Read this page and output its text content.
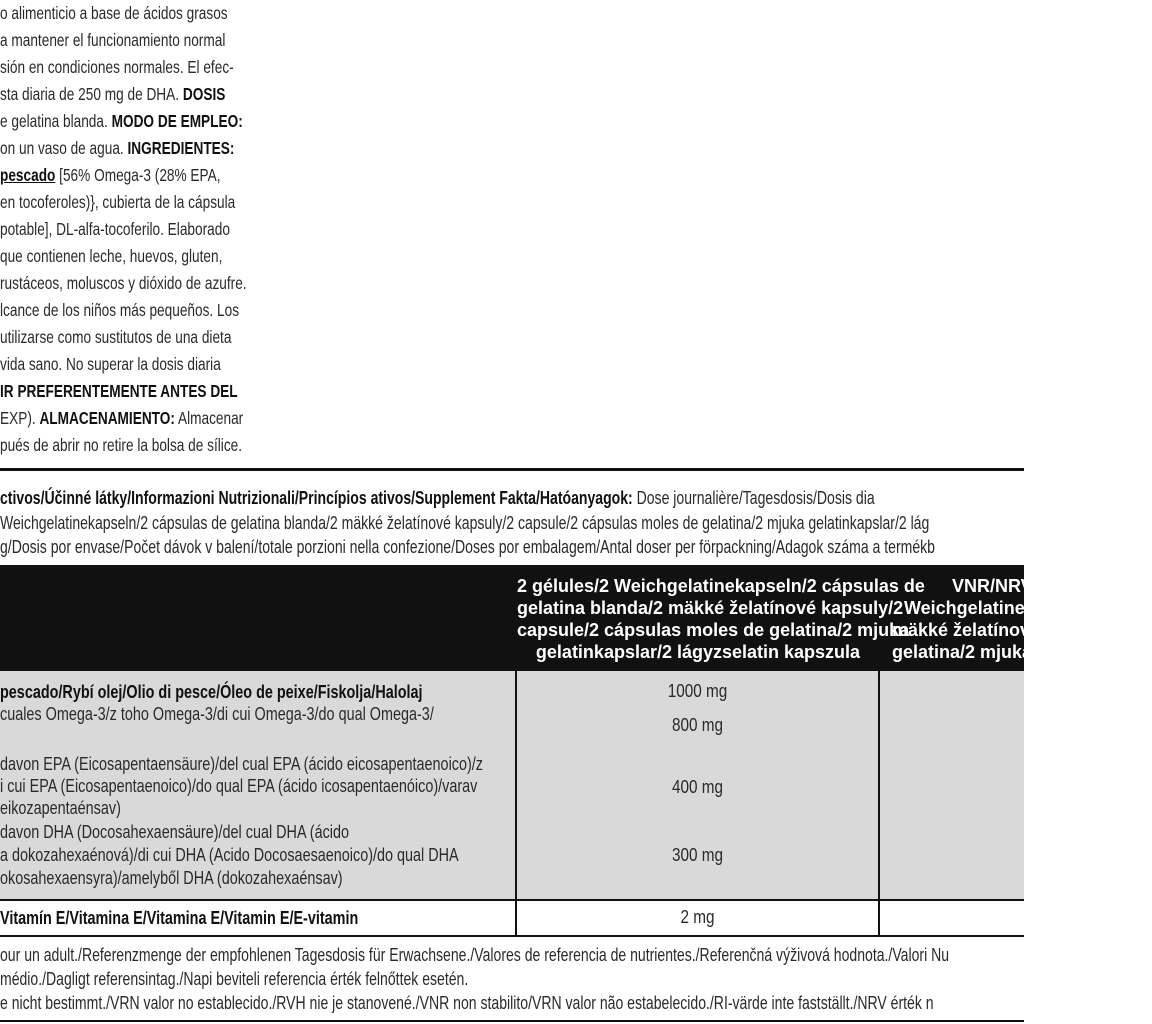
o alimenticio a base de ácidos grasos
a mantener el funcionamiento normal
sión en condiciones normales. El efec-
sta diaria de 250 mg de DHA. DOSIS
e gelatina blanda. MODO DE EMPLEO:
on un vaso de agua. INGREDIENTES:
pescado [56% Omega-3 (28% EPA,
en tocoferoles)}, cubierta de la cápsula
potable], DL-alfa-tocoferilo. Elaborado
que contienen leche, huevos, gluten,
rustáceos, moluscos y dióxido de azufre.
lcance de los niños más pequeños. Los
utilizarse como sustitutos de una dieta
vida sano. No superar la dosis diaria
IR PREFERENTEMENTE ANTES DEL
EXP). ALMACENAMIENTO: Almacenar
pués de abrir no retire la bolsa de sílice.
ctivos/Účinné látky/Informazioni Nutrizionali/Princípios ativos/Supplement Fakta/Hatóanyagok: Dose journalière/Tagesdosis/Dosis dia
Weichgelatinekapseln/2 cápsulas de gelatina blanda/2 mäkké želatínové kapsuly/2 capsule/2 cápsulas moles de gelatina/2 mjuka gelatinkapslar/2 lág
g/Dosis por envase/Počet dávok v balení/totale porzioni nella confezione/Doses por embalagem/Antal doser per förpackning/Adagok száma a termékb
2 gélules/2 Weichgelatinekapseln/2 cápsulas de
gelatina blanda/2 mäkké želatínové kapsuly/2
capsule/2 cápsulas moles de gelatina/2 mjuka
gelatinkapslar/2 lágyzselatin kapszula
VNR/NRV
Weichgelatinekap
mäkké želatínové k
gelatina/2 mjuka g
pescado/Rybí olej/Olio di pesce/Óleo de peixe/Fiskolja/Halolaj
cuales Omega-3/z toho Omega-3/di cui Omega-3/do qual Omega-3/
davon EPA (Eicosapentaensäure)/del cual EPA (ácido eicosapentaenoico)/z
i cui EPA (Eicosapentaenoico)/do qual EPA (ácido icosapentaenóico)/varav
eikozapentaénsav)
davon DHA (Docosahexaensäure)/del cual DHA (ácido
a dokozahexaénová)/di cui DHA (Acido Docosaesaenoico)/do qual DHA
okosahexaensyra)/amelyből DHA (dokozahexaénsav)
1000 mg
800 mg
400 mg
300 mg
Vitamín E/Vitamina E/Vitamina E/Vitamin E/E-vitamin	2 mg
our un adult./Referenzmenge der empfohlenen Tagesdosis für Erwachsene./Valores de referencia de nutrientes./Referenčná výživová hodnota./Valori Nu
médio./Dagligt referensintag./Napi beviteli referencia érték felnőttek esetén.
e nicht bestimmt./VRN valor no establecido./RVH nie je stanovené./VNR non stabilito/VRN valor não estabelecido./RI-värde inte fastställt./NRV érték n
